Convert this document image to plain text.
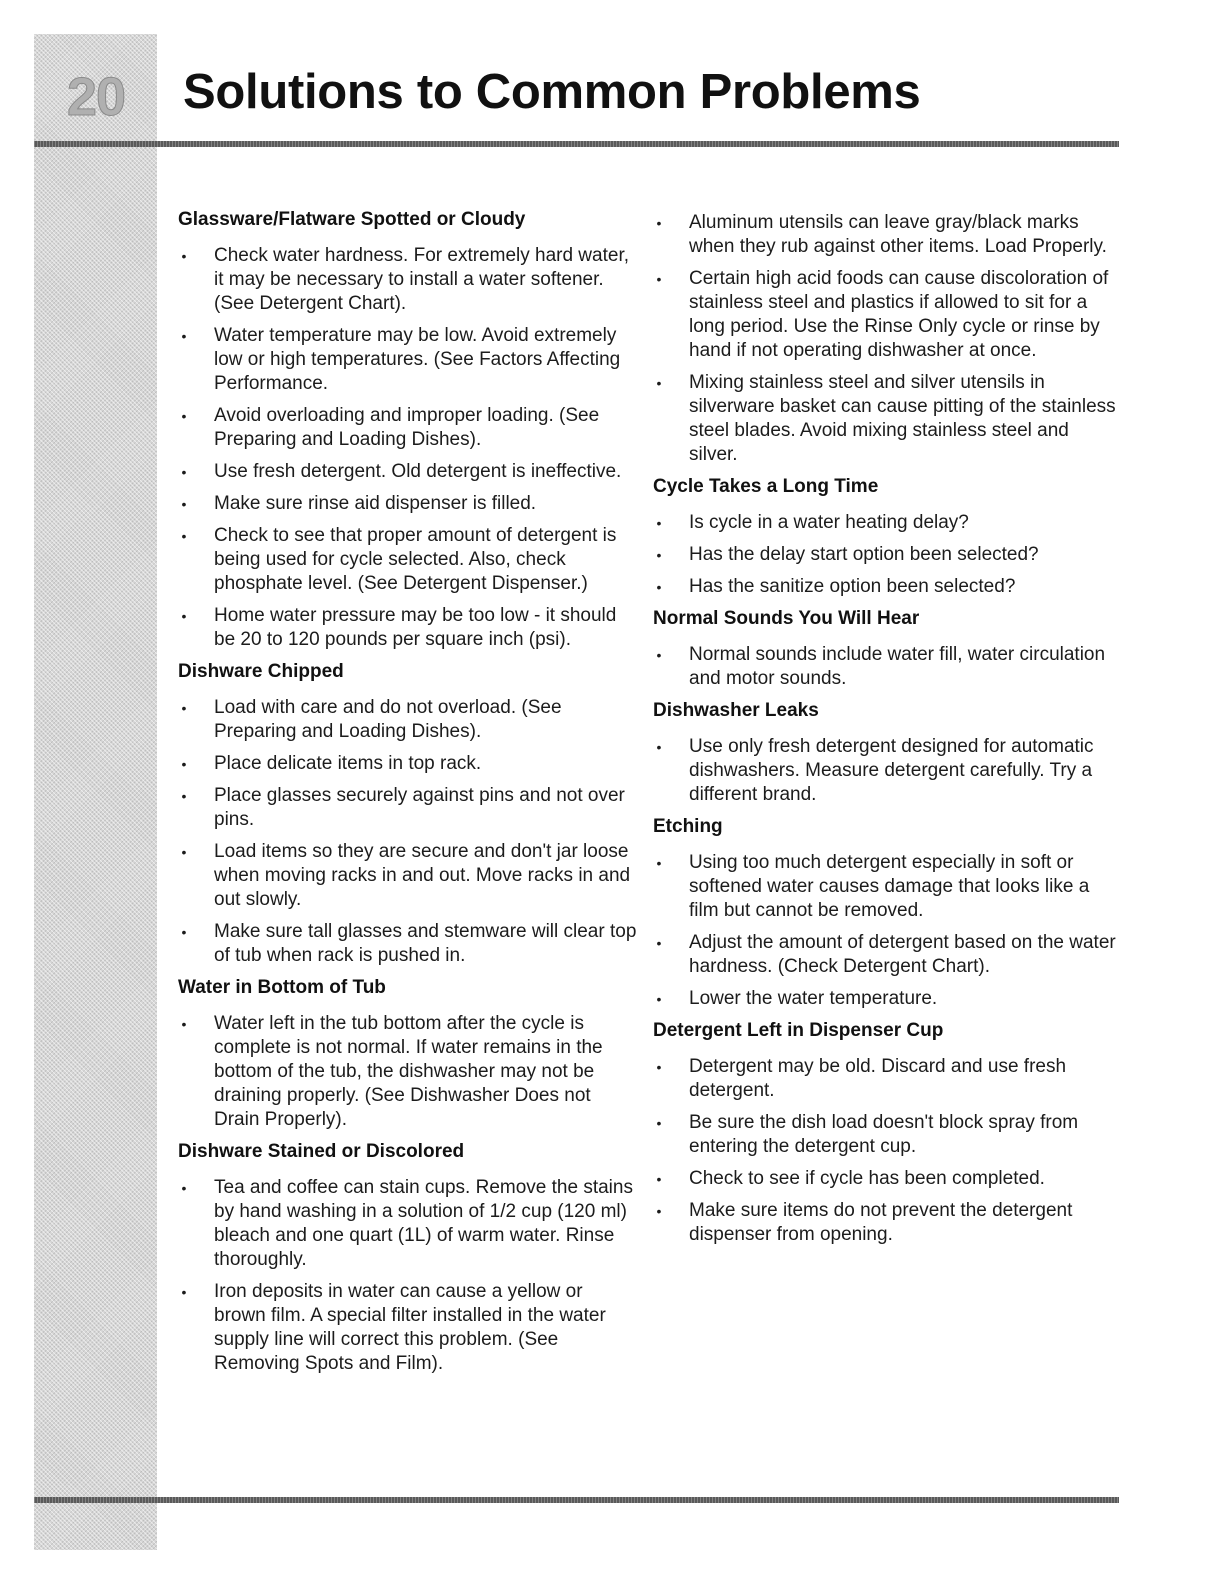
20	Solutions to Common Problems
Glassware/Flatware Spotted or Cloudy
• Check water hardness. For extremely hard water, it may be necessary to install a water softener. (See Detergent Chart).
• Water temperature may be low. Avoid extremely low or high temperatures. (See Factors Affecting Performance.
• Avoid overloading and improper loading. (See Preparing and Loading Dishes).
• Use fresh detergent. Old detergent is ineffective.
• Make sure rinse aid dispenser is filled.
• Check to see that proper amount of detergent is being used for cycle selected. Also, check phosphate level. (See Detergent Dispenser.)
• Home water pressure may be too low - it should be 20 to 120 pounds per square inch (psi).
Dishware Chipped
• Load with care and do not overload. (See Preparing and Loading Dishes).
• Place delicate items in top rack.
• Place glasses securely against pins and not over pins.
• Load items so they are secure and don't jar loose when moving racks in and out. Move racks in and out slowly.
• Make sure tall glasses and stemware will clear top of tub when rack is pushed in.
Water in Bottom of Tub
• Water left in the tub bottom after the cycle is complete is not normal. If water remains in the bottom of the tub, the dishwasher may not be draining properly. (See Dishwasher Does not Drain Properly).
Dishware Stained or Discolored
• Tea and coffee can stain cups. Remove the stains by hand washing in a solution of 1/2 cup (120 ml) bleach and one quart (1L) of warm water. Rinse thoroughly.
• Iron deposits in water can cause a yellow or brown film. A special filter installed in the water supply line will correct this problem. (See Removing Spots and Film).
• Aluminum utensils can leave gray/black marks when they rub against other items. Load Properly.
• Certain high acid foods can cause discoloration of stainless steel and plastics if allowed to sit for a long period. Use the Rinse Only cycle or rinse by hand if not operating dishwasher at once.
• Mixing stainless steel and silver utensils in silverware basket can cause pitting of the stainless steel blades. Avoid mixing stainless steel and silver.
Cycle Takes a Long Time
• Is cycle in a water heating delay?
• Has the delay start option been selected?
• Has the sanitize option been selected?
Normal Sounds You Will Hear
• Normal sounds include water fill, water circulation and motor sounds.
Dishwasher Leaks
• Use only fresh detergent designed for automatic dishwashers. Measure detergent carefully. Try a different brand.
Etching
• Using too much detergent especially in soft or softened water causes damage that looks like a film but cannot be removed.
• Adjust the amount of detergent based on the water hardness. (Check Detergent Chart).
• Lower the water temperature.
Detergent Left in Dispenser Cup
• Detergent may be old. Discard and use fresh detergent.
• Be sure the dish load doesn't block spray from entering the detergent cup.
• Check to see if cycle has been completed.
• Make sure items do not prevent the detergent dispenser from opening.
